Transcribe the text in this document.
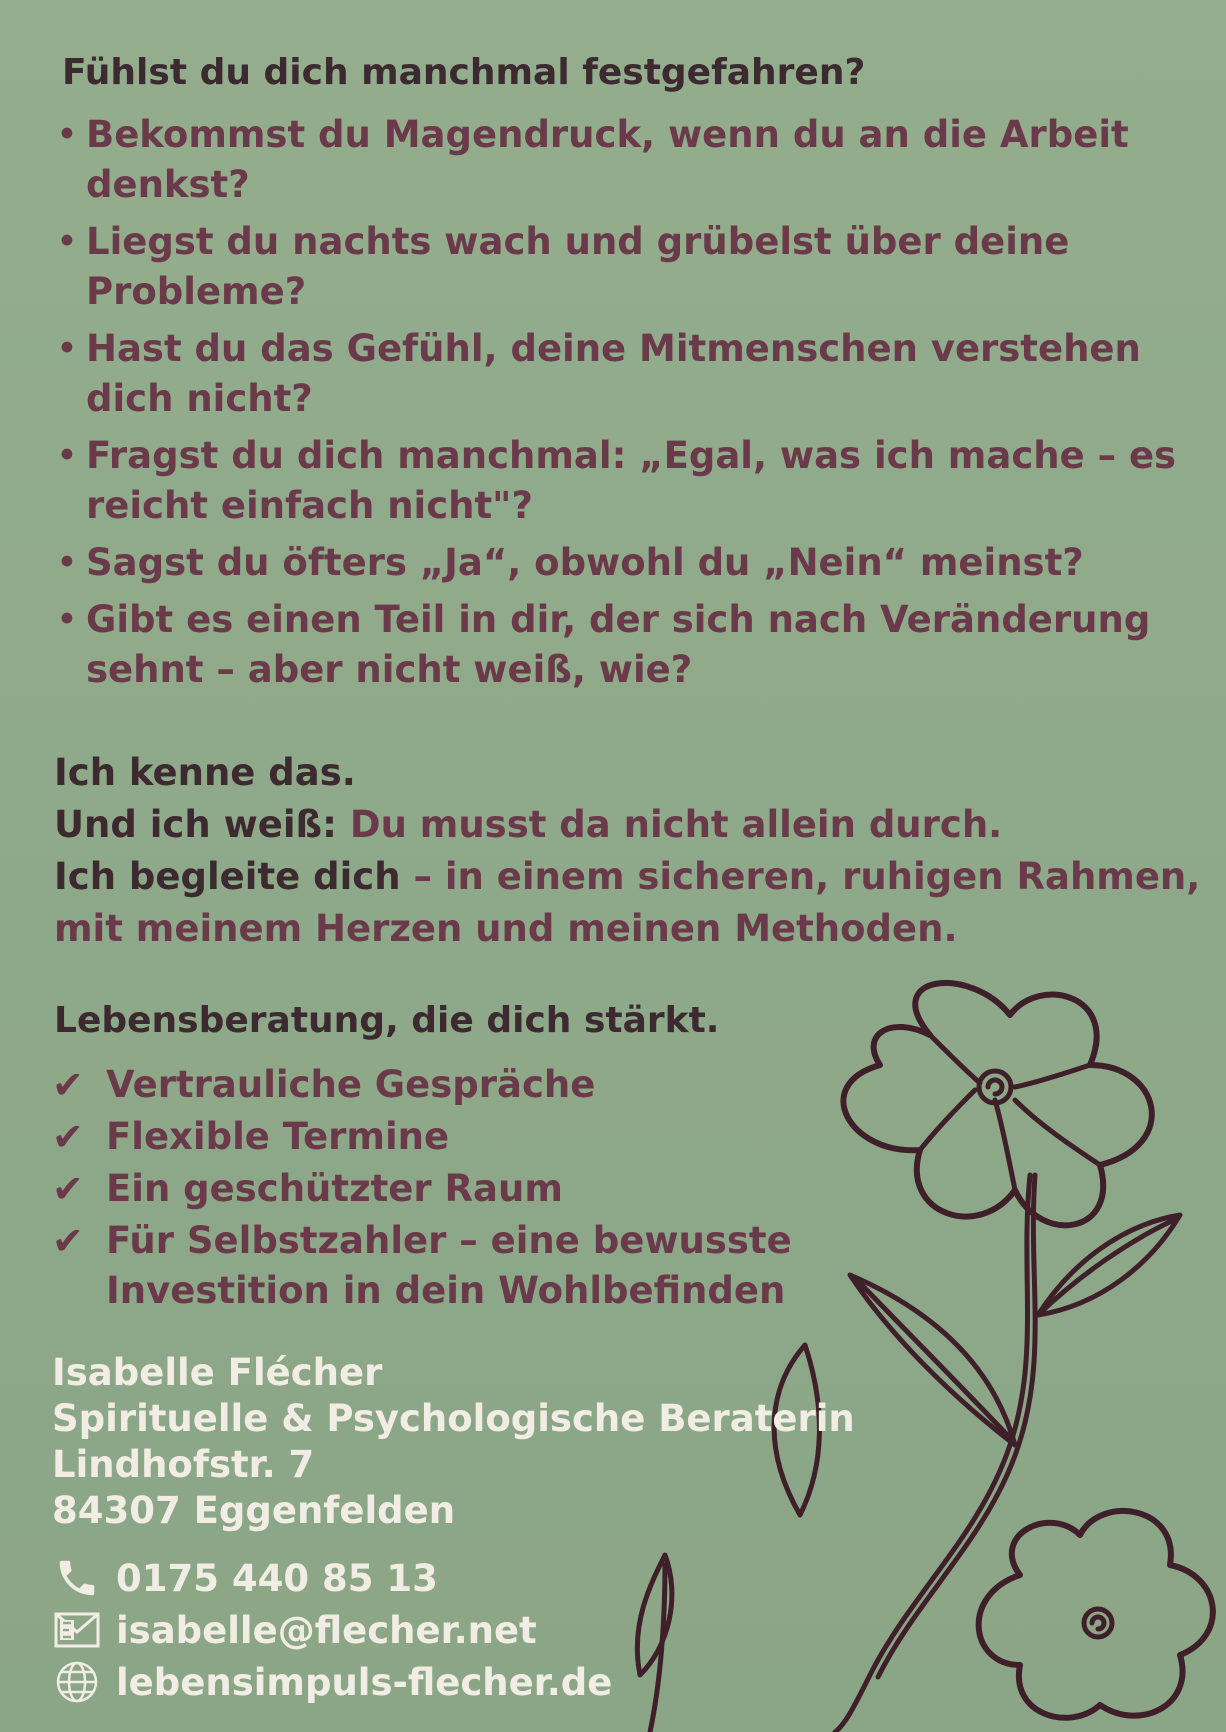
Fühlst du dich manchmal festgefahren?
• Bekommst du Magendruck, wenn du an die Arbeit denkst?
• Liegst du nachts wach und grübelst über deine Probleme?
• Hast du das Gefühl, deine Mitmenschen verstehen dich nicht?
• Fragst du dich manchmal: „Egal, was ich mache – es reicht einfach nicht"?
• Sagst du öfters „Ja“, obwohl du „Nein“ meinst?
• Gibt es einen Teil in dir, der sich nach Veränderung sehnt – aber nicht weiß, wie?
Ich kenne das.
Und ich weiß: Du musst da nicht allein durch.
Ich begleite dich – in einem sicheren, ruhigen Rahmen, mit meinem Herzen und meinen Methoden.
Lebensberatung, die dich stärkt.
✔ Vertrauliche Gespräche
✔ Flexible Termine
✔ Ein geschützter Raum
✔ Für Selbstzahler – eine bewusste Investition in dein Wohlbefinden
Isabelle Flécher
Spirituelle & Psychologische Beraterin
Lindhofstr. 7
84307 Eggenfelden
0175 440 85 13
isabelle@flecher.net
lebensimpuls-flecher.de
